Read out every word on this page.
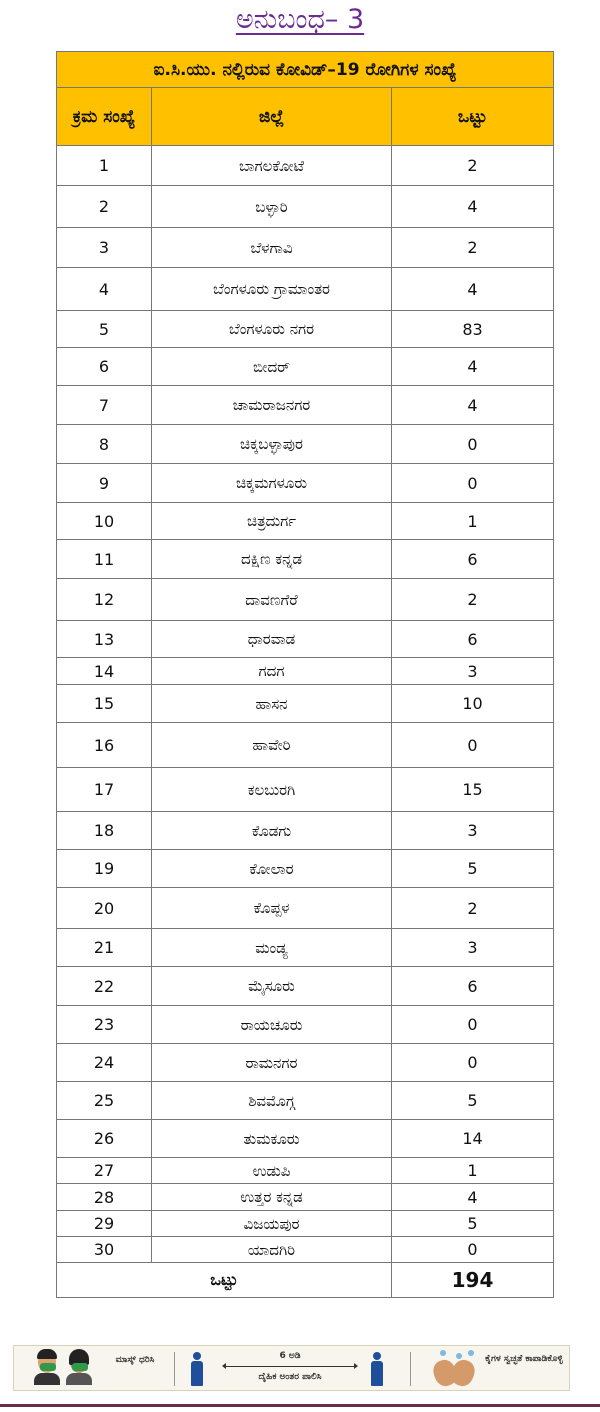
ಅನುಬಂಧ– 3
ಐ.ಸಿ.ಯು. ನಲ್ಲಿರುವ ಕೋವಿಡ್–19 ರೋಗಿಗಳ ಸಂಖ್ಯೆ		
ಕ್ರಮ ಸಂಖ್ಯೆ	ಜಿಲ್ಲೆ	ಒಟ್ಟು
1	ಬಾಗಲಕೋಟೆ	2
2	ಬಳ್ಳಾರಿ	4
3	ಬೆಳಗಾವಿ	2
4	ಬೆಂಗಳೂರು ಗ್ರಾಮಾಂತರ	4
5	ಬೆಂಗಳೂರು ನಗರ	83
6	ಬೀದರ್	4
7	ಚಾಮರಾಜನಗರ	4
8	ಚಿಕ್ಕಬಳ್ಳಾಪುರ	0
9	ಚಿಕ್ಕಮಗಳೂರು	0
10	ಚಿತ್ರದುರ್ಗ	1
11	ದಕ್ಷಿಣ ಕನ್ನಡ	6
12	ದಾವಣಗೆರೆ	2
13	ಧಾರವಾಡ	6
14	ಗದಗ	3
15	ಹಾಸನ	10
16	ಹಾವೇರಿ	0
17	ಕಲಬುರಗಿ	15
18	ಕೊಡಗು	3
19	ಕೋಲಾರ	5
20	ಕೊಪ್ಪಳ	2
21	ಮಂಡ್ಯ	3
22	ಮೈಸೂರು	6
23	ರಾಯಚೂರು	0
24	ರಾಮನಗರ	0
25	ಶಿವಮೊಗ್ಗ	5
26	ತುಮಕೂರು	14
27	ಉಡುಪಿ	1
28	ಉತ್ತರ ಕನ್ನಡ	4
29	ವಿಜಯಪುರ	5
30	ಯಾದಗಿರಿ	0
ಒಟ್ಟು		194
ಮಾಸ್ಕ್ ಧರಿಸಿ	6 ಅಡಿ
ದೈಹಿಕ ಅಂತರ ಪಾಲಿಸಿ
ಕೈಗಳ ಸ್ವಚ್ಛತೆ ಕಾಪಾಡಿಕೊಳ್ಳಿ
